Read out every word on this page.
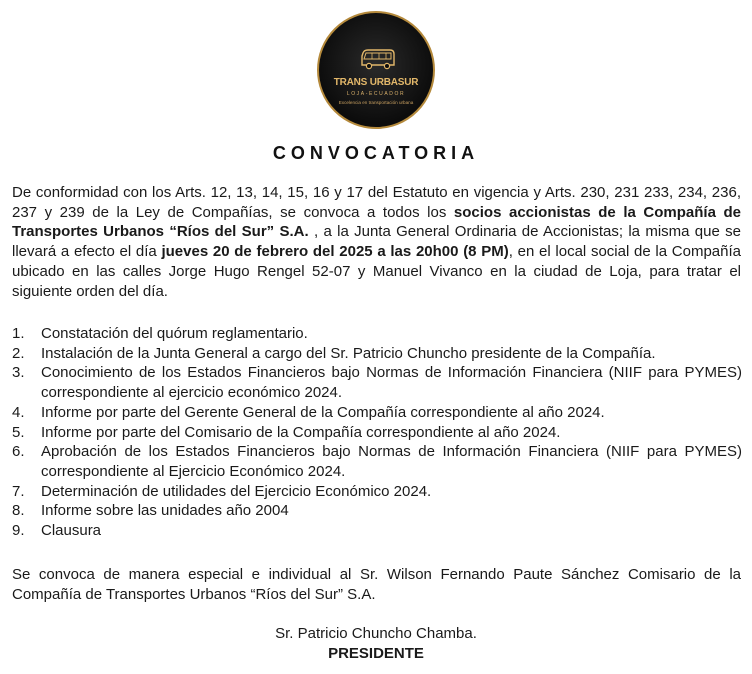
TRANS URBASUR
LOJA-ECUADOR
Excelencia en transportación urbana
CONVOCATORIA

De conformidad con los Arts. 12, 13, 14, 15, 16 y 17 del Estatuto en vigencia y Arts. 230, 231 233, 234, 236, 237 y 239 de la Ley de Compañías, se convoca a todos los socios accionistas de la Compañía de Transportes Urbanos “Ríos del Sur” S.A. , a la Junta General Ordinaria de Accionistas; la misma que se llevará a efecto el día jueves 20 de febrero del 2025 a las 20h00 (8 PM), en el local social de la Compañía ubicado en las calles Jorge Hugo Rengel 52-07 y Manuel Vivanco en la ciudad de Loja, para tratar el siguiente orden del día.

1. Constatación del quórum reglamentario.
2. Instalación de la Junta General a cargo del Sr. Patricio Chuncho presidente de la Compañía.
3. Conocimiento de los Estados Financieros bajo Normas de Información Financiera (NIIF para PYMES) correspondiente al ejercicio económico 2024.
4. Informe por parte del Gerente General de la Compañía correspondiente al año 2024.
5. Informe por parte del Comisario de la Compañía correspondiente al año 2024.
6. Aprobación de los Estados Financieros bajo Normas de Información Financiera (NIIF para PYMES) correspondiente al Ejercicio Económico 2024.
7. Determinación de utilidades del Ejercicio Económico 2024.
8. Informe sobre las unidades año 2004
9. Clausura

Se convoca de manera especial e individual al Sr. Wilson Fernando Paute Sánchez Comisario de la Compañía de Transportes Urbanos “Ríos del Sur” S.A.

Sr. Patricio Chuncho Chamba.
PRESIDENTE
